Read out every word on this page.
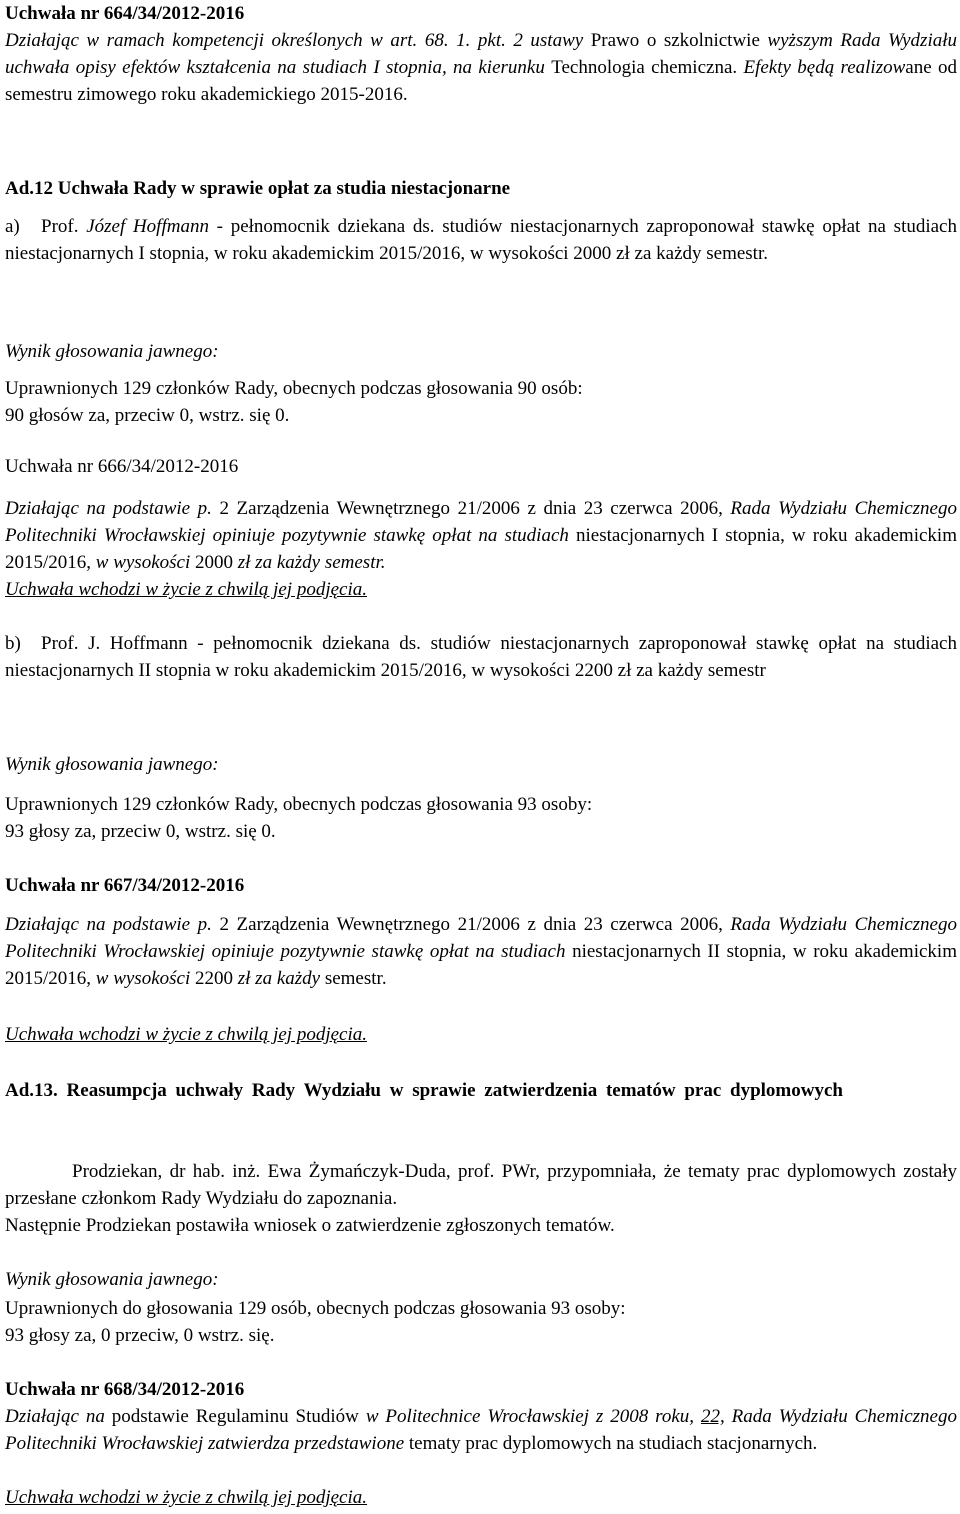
Uchwała nr 664/34/2012-2016

Działając w ramach kompetencji określonych w art. 68. 1. pkt. 2 ustawy Prawo o szkolnictwie wyższym Rada Wydziału uchwała opisy efektów kształcenia na studiach I stopnia, na kierunku Technologia chemiczna. Efekty będą realizowane od semestru zimowego roku akademickiego 2015-2016.

Ad.12 Uchwała Rady w sprawie opłat za studia niestacjonarne

a)	Prof. Józef Hoffmann - pełnomocnik dziekana ds. studiów niestacjonarnych zaproponował stawkę opłat na studiach niestacjonarnych I stopnia, w roku akademickim 2015/2016, w wysokości 2000 zł za każdy semestr.

Wynik głosowania jawnego:

Uprawnionych 129 członków Rady, obecnych podczas głosowania 90 osób:

90 głosów za, przeciw 0, wstrz. się 0.

Uchwała nr 666/34/2012-2016

Działając na podstawie p. 2 Zarządzenia Wewnętrznego 21/2006 z dnia 23 czerwca 2006, Rada Wydziału Chemicznego Politechniki Wrocławskiej opiniuje pozytywnie stawkę opłat na studiach niestacjonarnych I stopnia, w roku akademickim 2015/2016, w wysokości 2000 zł za każdy semestr.

Uchwała wchodzi w życie z chwilą jej podjęcia.

b)	Prof. J. Hoffmann - pełnomocnik dziekana ds. studiów niestacjonarnych zaproponował stawkę opłat na studiach niestacjonarnych II stopnia w roku akademickim 2015/2016, w wysokości 2200 zł za każdy semestr

Wynik głosowania jawnego:

Uprawnionych 129 członków Rady, obecnych podczas głosowania 93 osoby:

93 głosy za, przeciw 0, wstrz. się 0.

Uchwała nr 667/34/2012-2016

Działając na podstawie p. 2 Zarządzenia Wewnętrznego 21/2006 z dnia 23 czerwca 2006, Rada Wydziału Chemicznego Politechniki Wrocławskiej opiniuje pozytywnie stawkę opłat na studiach niestacjonarnych II stopnia, w roku akademickim 2015/2016, w wysokości 2200 zł za każdy semestr.

Uchwała wchodzi w życie z chwilą jej podjęcia.

Ad.13. Reasumpcja uchwały Rady Wydziału w sprawie zatwierdzenia tematów prac dyplomowych

Prodziekan, dr hab. inż. Ewa Żymańczyk-Duda, prof. PWr, przypomniała, że tematy prac dyplomowych zostały przesłane członkom Rady Wydziału do zapoznania.

Następnie Prodziekan postawiła wniosek o zatwierdzenie zgłoszonych tematów.

Wynik głosowania jawnego:

Uprawnionych do głosowania 129 osób, obecnych podczas głosowania 93 osoby:

93 głosy za, 0 przeciw, 0 wstrz. się.

Uchwała nr 668/34/2012-2016

Działając na podstawie Regulaminu Studiów w Politechnice Wrocławskiej z 2008 roku, 22, Rada Wydziału Chemicznego Politechniki Wrocławskiej zatwierdza przedstawione tematy prac dyplomowych na studiach stacjonarnych.

Uchwała wchodzi w życie z chwilą jej podjęcia.
